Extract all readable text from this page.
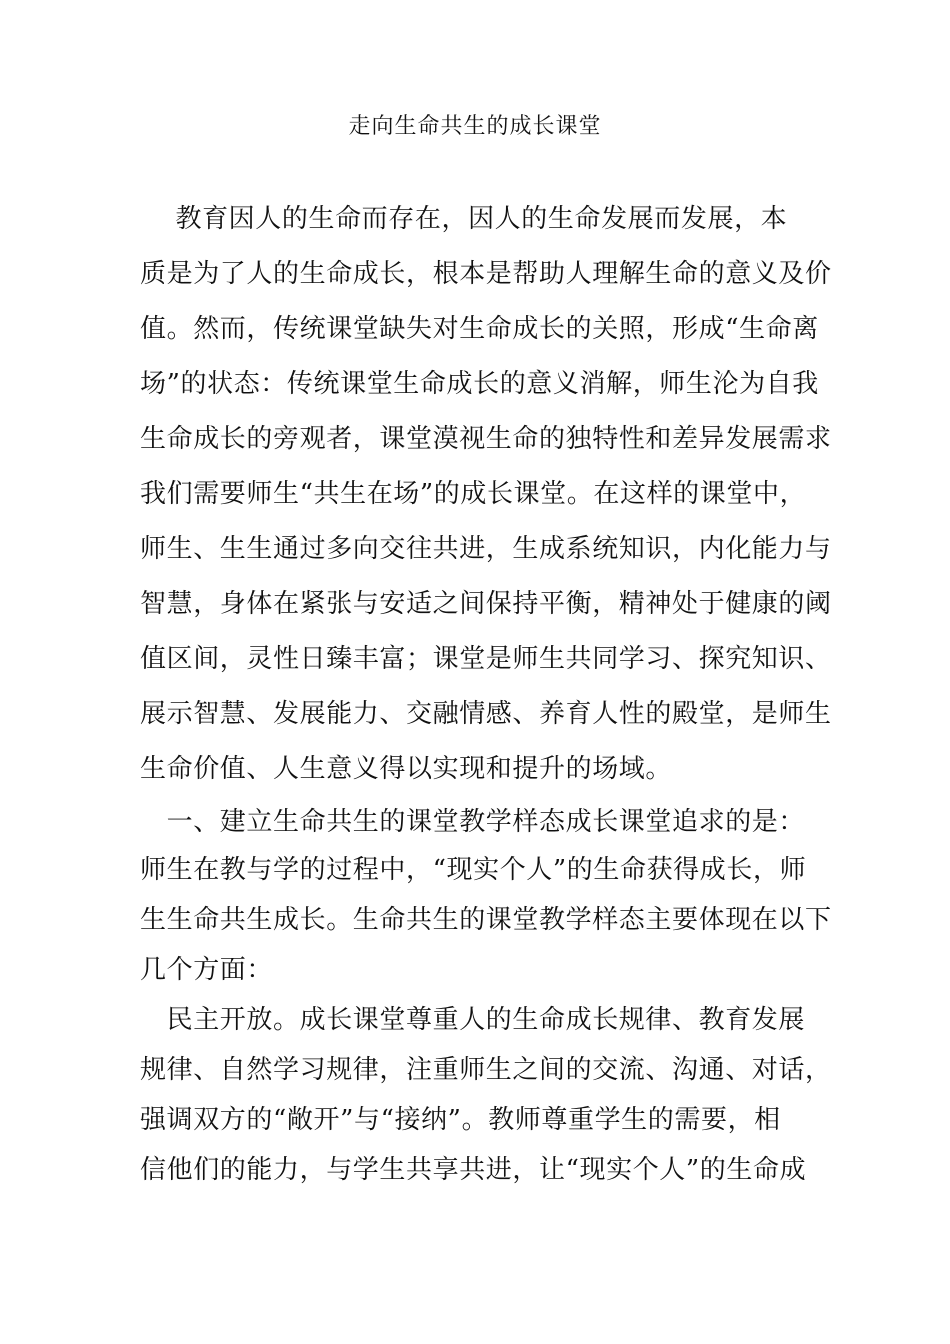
走向生命共生的成长课堂
　 教育因人的生命而存在，因人的生命发展而发展，本
质是为了人的生命成长，根本是帮助人理解生命的意义及价
值。然而，传统课堂缺失对生命成长的关照，形成“生命离
场”的状态：传统课堂生命成长的意义消解，师生沦为自我
生命成长的旁观者，课堂漠视生命的独特性和差异发展需求
我们需要师生“共生在场”的成长课堂。在这样的课堂中，
师生、生生通过多向交往共进，生成系统知识，内化能力与
智慧，身体在紧张与安适之间保持平衡，精神处于健康的阈
值区间，灵性日臻丰富；课堂是师生共同学习、探究知识、
展示智慧、发展能力、交融情感、养育人性的殿堂，是师生
生命价值、人生意义得以实现和提升的场域。
　一、建立生命共生的课堂教学样态成长课堂追求的是：
师生在教与学的过程中，“现实个人”的生命获得成长，师
生生命共生成长。生命共生的课堂教学样态主要体现在以下
几个方面：
　民主开放。成长课堂尊重人的生命成长规律、教育发展
规律、自然学习规律，注重师生之间的交流、沟通、对话，
强调双方的“敞开”与“接纳”。教师尊重学生的需要，相
信他们的能力，与学生共享共进，让“现实个人”的生命成
